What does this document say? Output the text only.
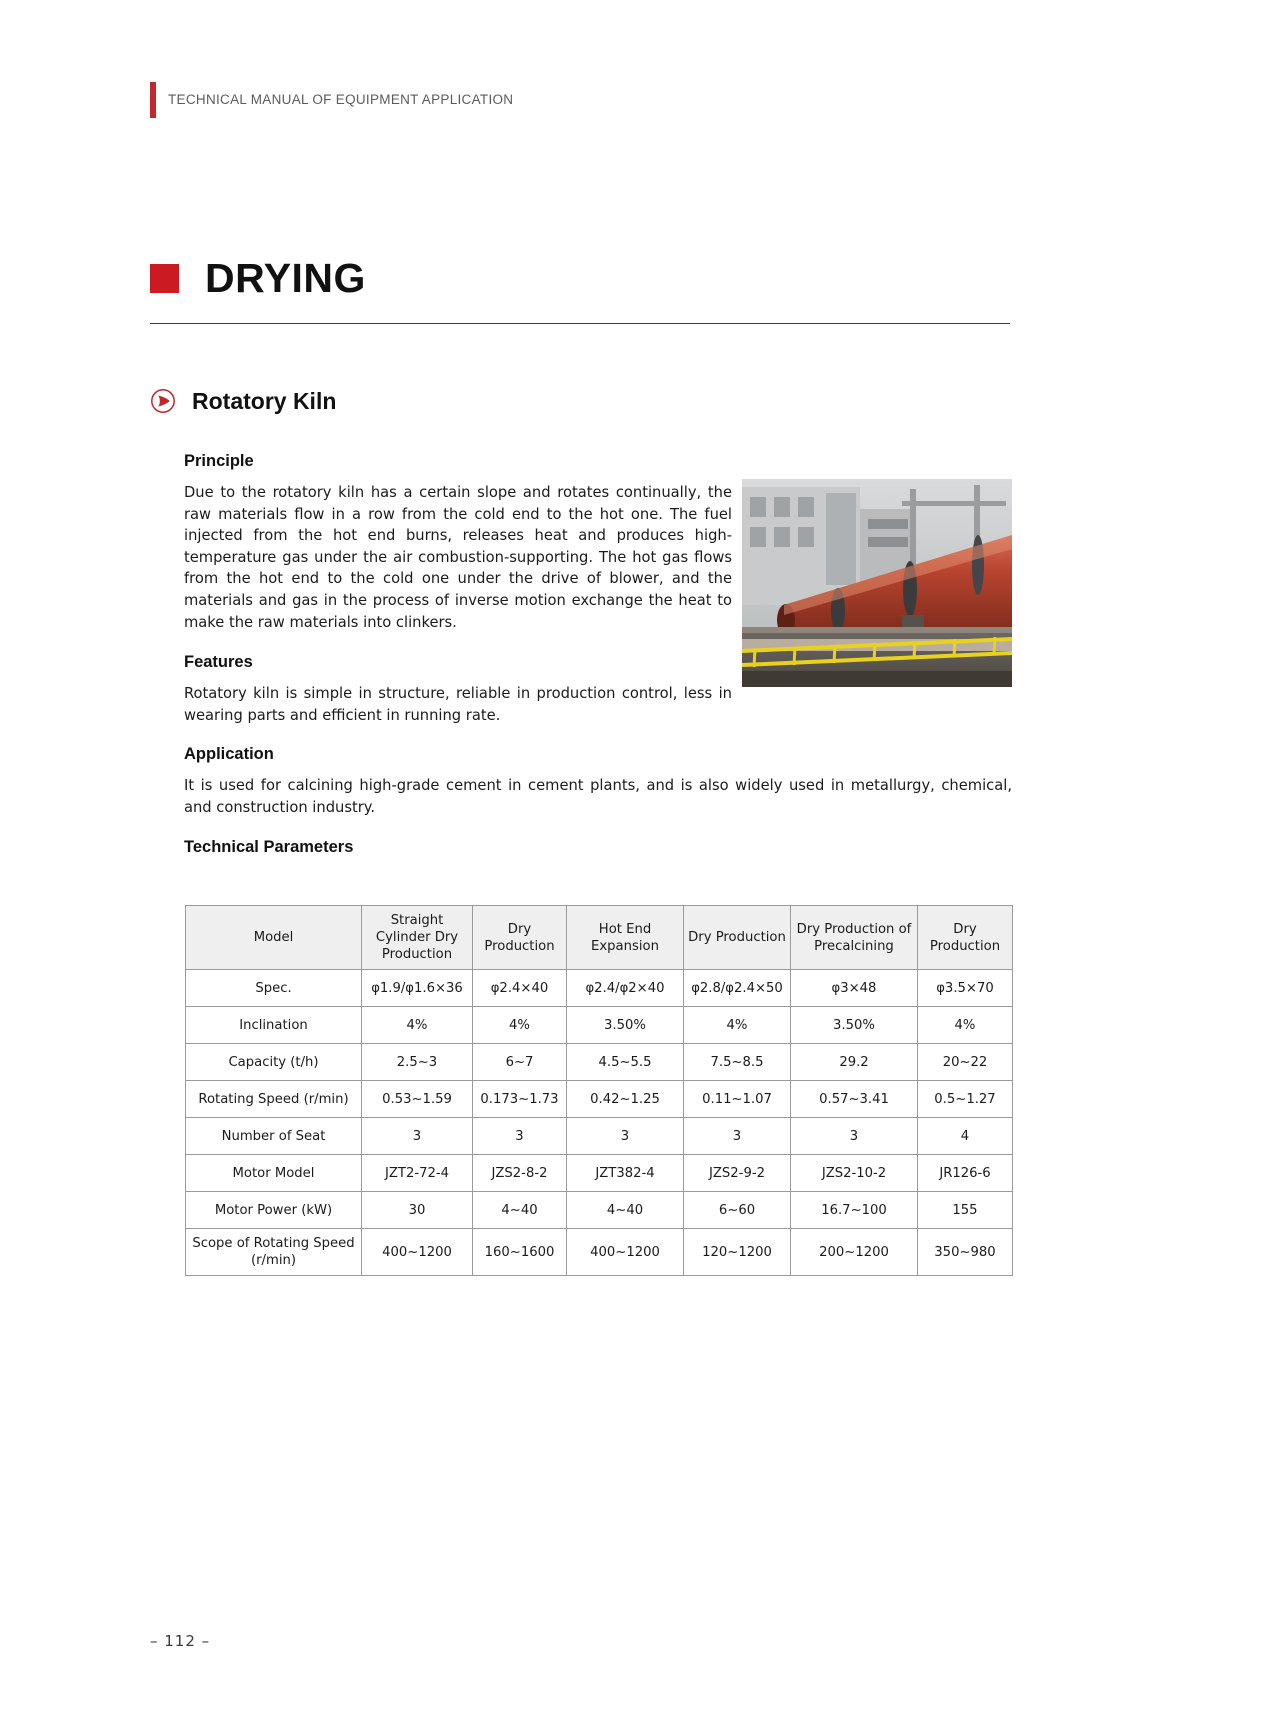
TECHNICAL MANUAL OF EQUIPMENT APPLICATION
DRYING
Rotatory Kiln
Principle

Due to the rotatory kiln has a certain slope and rotates continually, the raw materials flow in a row from the cold end to the hot one. The fuel injected from the hot end burns, releases heat and produces high-temperature gas under the air combustion-supporting. The hot gas flows from the hot end to the cold one under the drive of blower, and the materials and gas in the process of inverse motion exchange the heat to make the raw materials into clinkers.

Features

Rotatory kiln is simple in structure, reliable in production control, less in wearing parts and efficient in running rate.

Application

It is used for calcining high-grade cement in cement plants, and is also widely used in metallurgy, chemical, and construction industry.

Technical Parameters
Model	Straight Cylinder Dry Production	Dry Production	Hot End Expansion	Dry Production	Dry Production of Precalcining	Dry Production
Spec.	φ1.9/φ1.6×36	φ2.4×40	φ2.4/φ2×40	φ2.8/φ2.4×50	φ3×48	φ3.5×70
Inclination	4%	4%	3.50%	4%	3.50%	4%
Capacity (t/h)	2.5~3	6~7	4.5~5.5	7.5~8.5	29.2	20~22
Rotating Speed (r/min)	0.53~1.59	0.173~1.73	0.42~1.25	0.11~1.07	0.57~3.41	0.5~1.27
Number of Seat	3	3	3	3	3	4
Motor Model	JZT2-72-4	JZS2-8-2	JZT382-4	JZS2-9-2	JZS2-10-2	JR126-6
Motor Power (kW)	30	4~40	4~40	6~60	16.7~100	155
Scope of Rotating Speed (r/min)	400~1200	160~1600	400~1200	120~1200	200~1200	350~980
– 112 –
